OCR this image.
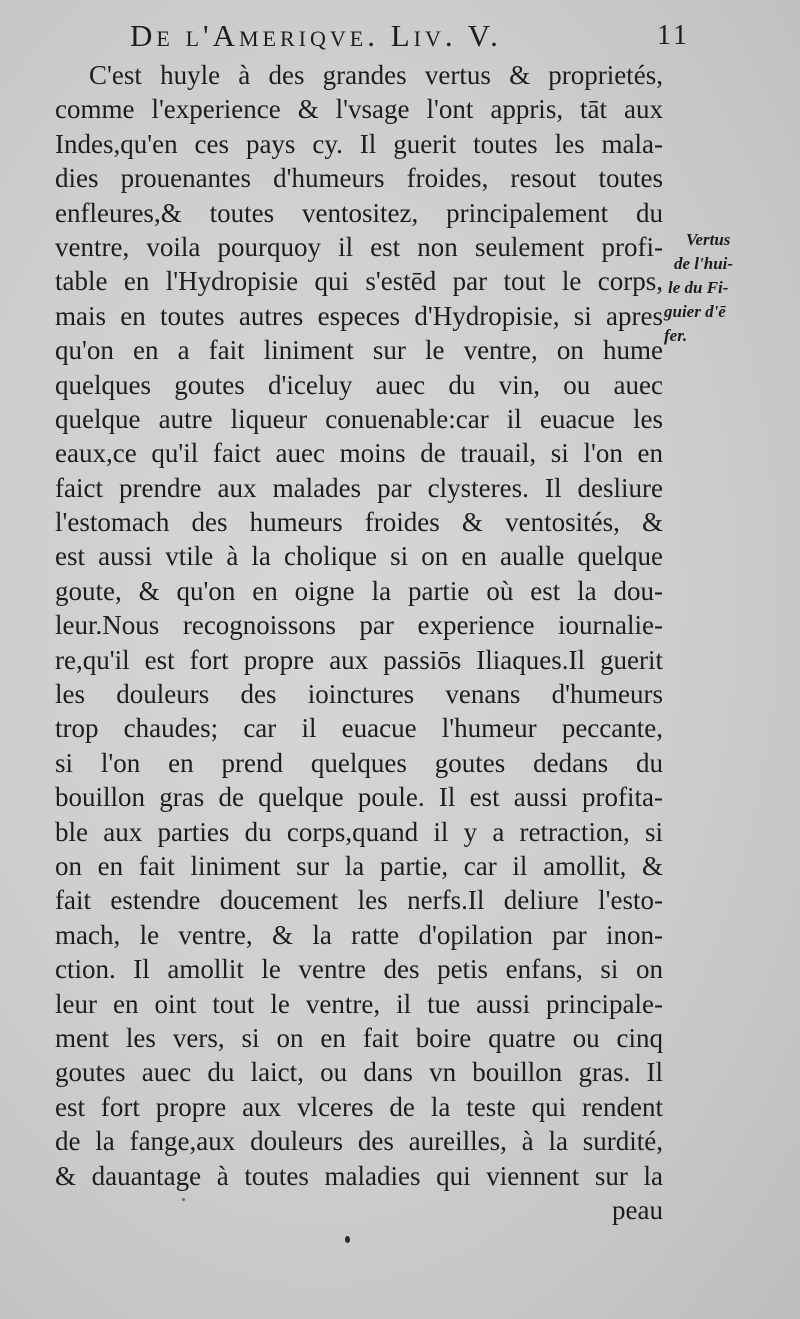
De l'Ameriqve. Liv. V.	11
C'est huyle à des grandes vertus & proprietés,
comme l'experience & l'vsage l'ont appris, tāt aux
Indes,qu'en ces pays cy. Il guerit toutes les mala-
dies prouenantes d'humeurs froides, resout toutes
enfleures,& toutes ventositez, principalement du
ventre, voila pourquoy il est non seulement profi-
table en l'Hydropisie qui s'estēd par tout le corps,
mais en toutes autres especes d'Hydropisie, si apres
qu'on en a fait liniment sur le ventre, on hume
quelques goutes d'iceluy auec du vin, ou auec
quelque autre liqueur conuenable:car il euacue les
eaux,ce qu'il faict auec moins de trauail, si l'on en
faict prendre aux malades par clysteres. Il desliure
l'estomach des humeurs froides & ventosités, &
est aussi vtile à la cholique si on en aualle quelque
goute, & qu'on en oigne la partie où est la dou-
leur.Nous recognoissons par experience iournalie-
re,qu'il est fort propre aux passiōs Iliaques.Il guerit
les douleurs des ioinctures venans d'humeurs
trop chaudes; car il euacue l'humeur peccante,
si l'on en prend quelques goutes dedans du
bouillon gras de quelque poule. Il est aussi profita-
ble aux parties du corps,quand il y a retraction, si
on en fait liniment sur la partie, car il amollit, &
fait estendre doucement les nerfs.Il deliure l'esto-
mach, le ventre, & la ratte d'opilation par inon-
ction. Il amollit le ventre des petis enfans, si on
leur en oint tout le ventre, il tue aussi principale-
ment les vers, si on en fait boire quatre ou cinq
goutes auec du laict, ou dans vn bouillon gras. Il
est fort propre aux vlceres de la teste qui rendent
de la fange,aux douleurs des aureilles, à la surdité,
& dauantage à toutes maladies qui viennent sur la
peau
Vertus
de l'hui-
le du Fi-
guier d'ē
fer.
